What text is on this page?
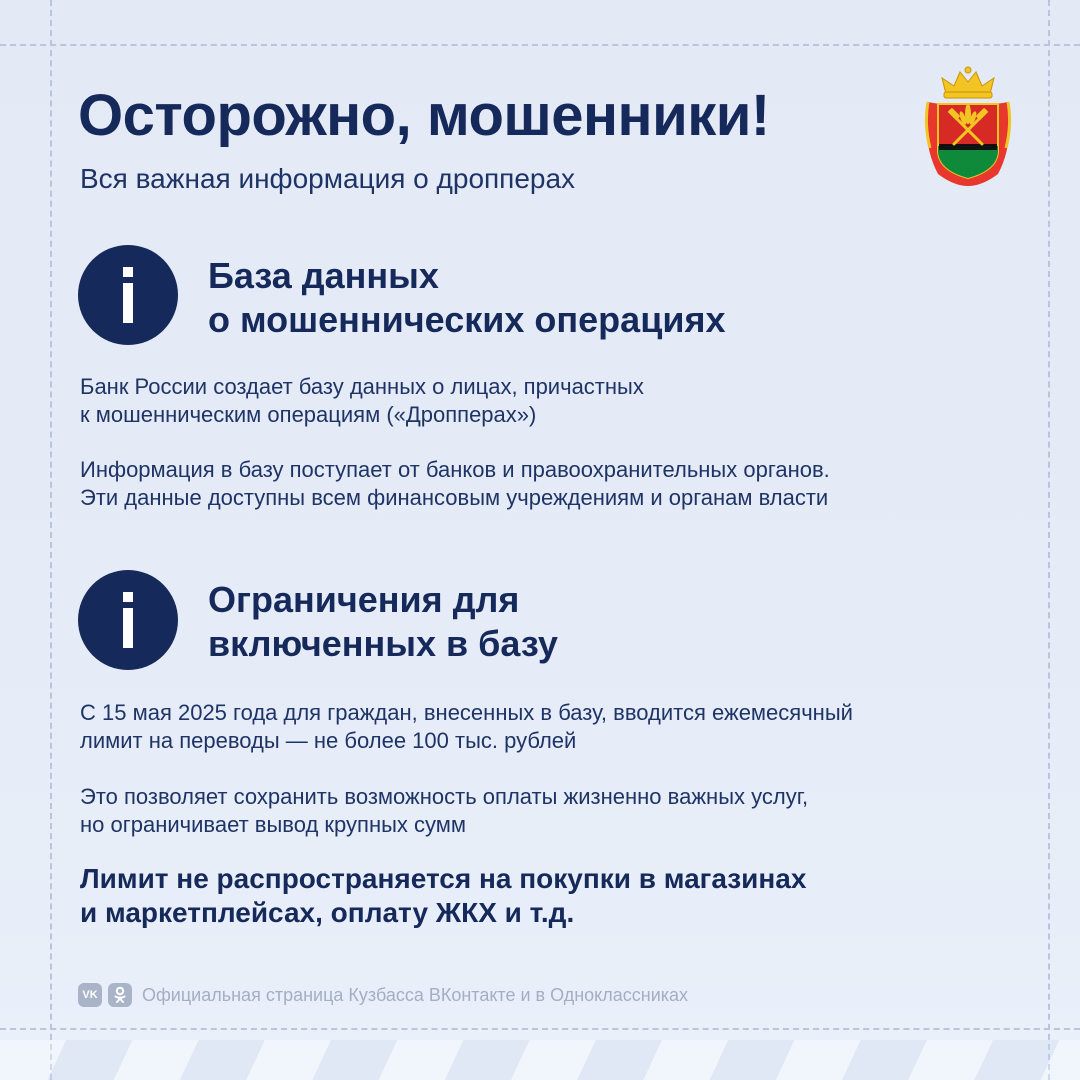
Осторожно, мошенники!

Вся важная информация о дропперах

База данных
о мошеннических операциях

Банк России создает базу данных о лицах, причастных
к мошенническим операциям («Дропперах»)

Информация в базу поступает от банков и правоохранительных органов.
Эти данные доступны всем финансовым учреждениям и органам власти

Ограничения для
включенных в базу

С 15 мая 2025 года для граждан, внесенных в базу, вводится ежемесячный
лимит на переводы — не более 100 тыс. рублей

Это позволяет сохранить возможность оплаты жизненно важных услуг,
но ограничивает вывод крупных сумм

Лимит не распространяется на покупки в магазинах
и маркетплейсах, оплату ЖКХ и т.д.

VK Официальная страница Кузбасса ВКонтакте и в Одноклассниках
